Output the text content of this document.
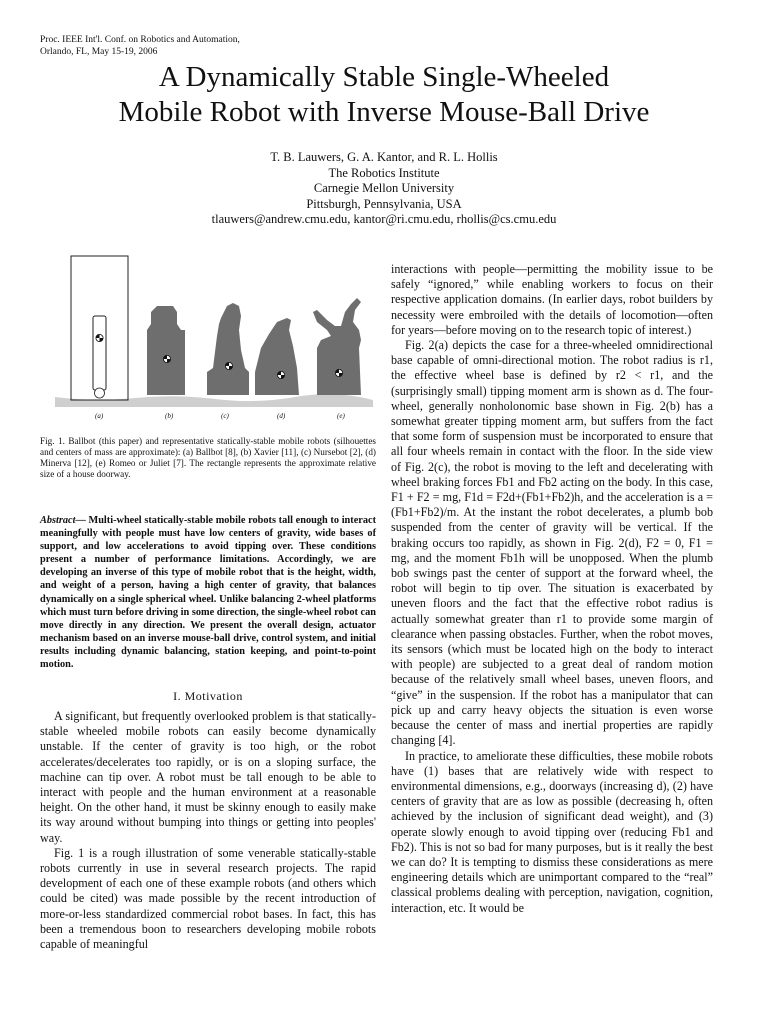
Proc. IEEE Int'l. Conf. on Robotics and Automation,
Orlando, FL, May 15-19, 2006
A Dynamically Stable Single-Wheeled
Mobile Robot with Inverse Mouse-Ball Drive
T. B. Lauwers, G. A. Kantor, and R. L. Hollis
The Robotics Institute
Carnegie Mellon University
Pittsburgh, Pennsylvania, USA
tlauwers@andrew.cmu.edu, kantor@ri.cmu.edu, rhollis@cs.cmu.edu
(a)	(b)	(c)	(d)	(e)
Fig. 1. Ballbot (this paper) and representative statically-stable mobile robots (silhouettes and centers of mass are approximate): (a) Ballbot [8], (b) Xavier [11], (c) Nursebot [2], (d) Minerva [12], (e) Romeo or Juliet [7]. The rectangle represents the approximate relative size of a house doorway.
Abstract— Multi-wheel statically-stable mobile robots tall enough to interact meaningfully with people must have low centers of gravity, wide bases of support, and low accelerations to avoid tipping over. These conditions present a number of performance limitations. Accordingly, we are developing an inverse of this type of mobile robot that is the height, width, and weight of a person, having a high center of gravity, that balances dynamically on a single spherical wheel. Unlike balancing 2-wheel platforms which must turn before driving in some direction, the single-wheel robot can move directly in any direction. We present the overall design, actuator mechanism based on an inverse mouse-ball drive, control system, and initial results including dynamic balancing, station keeping, and point-to-point motion.
I. Motivation

A significant, but frequently overlooked problem is that statically-stable wheeled mobile robots can easily become dynamically unstable. If the center of gravity is too high, or the robot accelerates/decelerates too rapidly, or is on a sloping surface, the machine can tip over. A robot must be tall enough to be able to interact with people and the human environment at a reasonable height. On the other hand, it must be skinny enough to easily make its way around without bumping into things or getting into peoples' way.

Fig. 1 is a rough illustration of some venerable statically-stable robots currently in use in several research projects. The rapid development of each one of these example robots (and others which could be cited) was made possible by the recent introduction of more-or-less standardized commercial robot bases. In fact, this has been a tremendous boon to researchers developing mobile robots capable of meaningful

interactions with people—permitting the mobility issue to be safely “ignored,” while enabling workers to focus on their respective application domains. (In earlier days, robot builders by necessity were embroiled with the details of locomotion—often for years—before moving on to the research topic of interest.)

Fig. 2(a) depicts the case for a three-wheeled omnidirectional base capable of omni-directional motion. The robot radius is r1, the effective wheel base is defined by r2 < r1, and the (surprisingly small) tipping moment arm is shown as d. The four-wheel, generally nonholonomic base shown in Fig. 2(b) has a somewhat greater tipping moment arm, but suffers from the fact that some form of suspension must be incorporated to ensure that all four wheels remain in contact with the floor. In the side view of Fig. 2(c), the robot is moving to the left and decelerating with wheel braking forces Fb1 and Fb2 acting on the body. In this case, F1 + F2 = mg, F1d = F2d+(Fb1+Fb2)h, and the acceleration is a = (Fb1+Fb2)/m. At the instant the robot decelerates, a plumb bob suspended from the center of gravity will be vertical. If the braking occurs too rapidly, as shown in Fig. 2(d), F2 = 0, F1 = mg, and the moment Fb1h will be unopposed. When the plumb bob swings past the center of support at the forward wheel, the robot will begin to tip over. The situation is exacerbated by uneven floors and the fact that the effective robot radius is actually somewhat greater than r1 to provide some margin of clearance when passing obstacles. Further, when the robot moves, its sensors (which must be located high on the body to interact with people) are subjected to a great deal of random motion because of the relatively small wheel bases, uneven floors, and “give” in the suspension. If the robot has a manipulator that can pick up and carry heavy objects the situation is even worse because the center of mass and inertial properties are rapidly changing [4].

In practice, to ameliorate these difficulties, these mobile robots have (1) bases that are relatively wide with respect to environmental dimensions, e.g., doorways (increasing d), (2) have centers of gravity that are as low as possible (decreasing h, often achieved by the inclusion of significant dead weight), and (3) operate slowly enough to avoid tipping over (reducing Fb1 and Fb2). This is not so bad for many purposes, but is it really the best we can do? It is tempting to dismiss these considerations as mere engineering details which are unimportant compared to the “real” classical problems dealing with perception, navigation, cognition, interaction, etc. It would be
